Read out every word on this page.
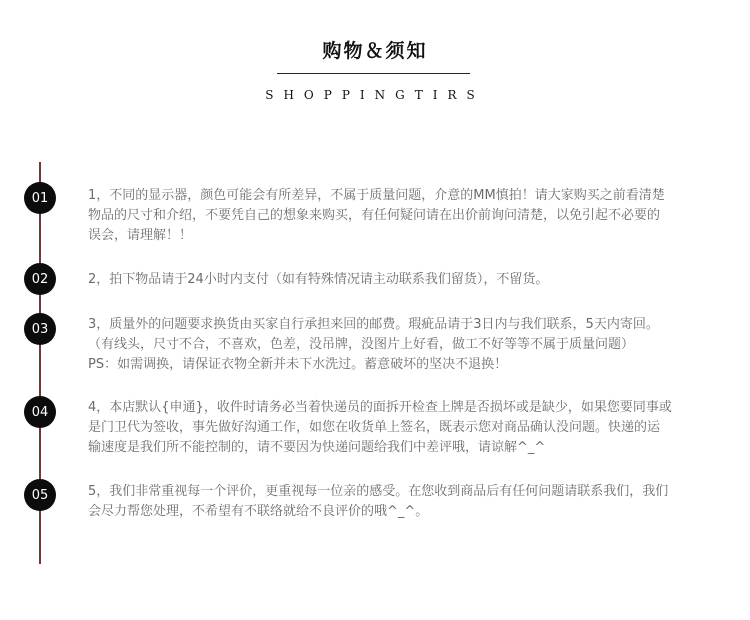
购物＆须知
SHOPPINGTIRS
01	1，不同的显示器，颜色可能会有所差异，不属于质量问题，介意的MM慎拍！请大家购买之前看清楚
物品的尺寸和介绍，不要凭自己的想象来购买，有任何疑问请在出价前询问清楚，以免引起不必要的
误会，请理解！！
02	2，拍下物品请于24小时内支付（如有特殊情况请主动联系我们留货），不留货。
03	3，质量外的问题要求换货由买家自行承担来回的邮费。瑕疵品请于3日内与我们联系，5天内寄回。
（有线头，尺寸不合，不喜欢，色差，没吊牌，没图片上好看，做工不好等等不属于质量问题）
PS：如需调换，请保证衣物全新并未下水洗过。蓄意破坏的坚决不退换！
04	4，本店默认{申通}，收件时请务必当着快递员的面拆开检查上牌是否损坏或是缺少，如果您要同事或
是门卫代为签收，事先做好沟通工作，如您在收货单上签名，既表示您对商品确认没问题。快递的运
输速度是我们所不能控制的，请不要因为快递问题给我们中差评哦，请谅解^_^
05	5，我们非常重视每一个评价，更重视每一位亲的感受。在您收到商品后有任何问题请联系我们，我们
会尽力帮您处理，不希望有不联络就给不良评价的哦^_^。
